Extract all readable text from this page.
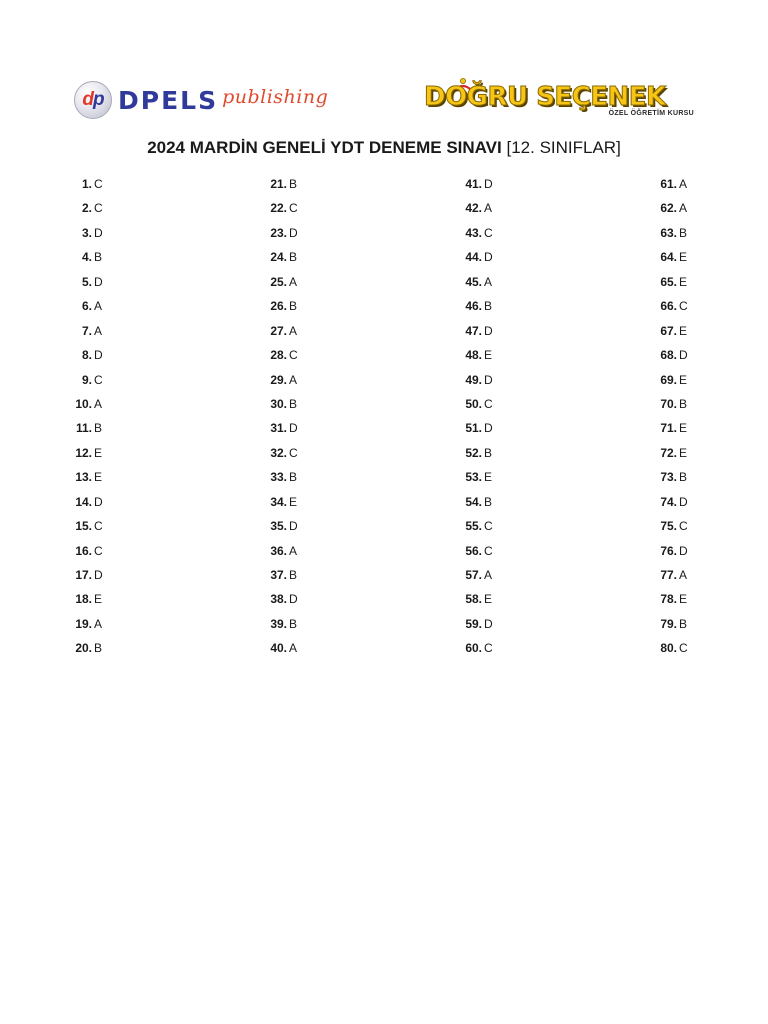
d p DPELS publishing	DOĞRU SEÇENEK
ÖZEL ÖĞRETİM KURSU
2024 MARDİN GENELİ YDT DENEME SINAVI [12. SINIFLAR]
1. C
2. C
3. D
4. B
5. D
6. A
7. A
8. D
9. C
10. A
11. B
12. E
13. E
14. D
15. C
16. C
17. D
18. E
19. A
20. B
21. B
22. C
23. D
24. B
25. A
26. B
27. A
28. C
29. A
30. B
31. D
32. C
33. B
34. E
35. D
36. A
37. B
38. D
39. B
40. A
41. D
42. A
43. C
44. D
45. A
46. B
47. D
48. E
49. D
50. C
51. D
52. B
53. E
54. B
55. C
56. C
57. A
58. E
59. D
60. C
61. A
62. A
63. B
64. E
65. E
66. C
67. E
68. D
69. E
70. B
71. E
72. E
73. B
74. D
75. C
76. D
77. A
78. E
79. B
80. C
